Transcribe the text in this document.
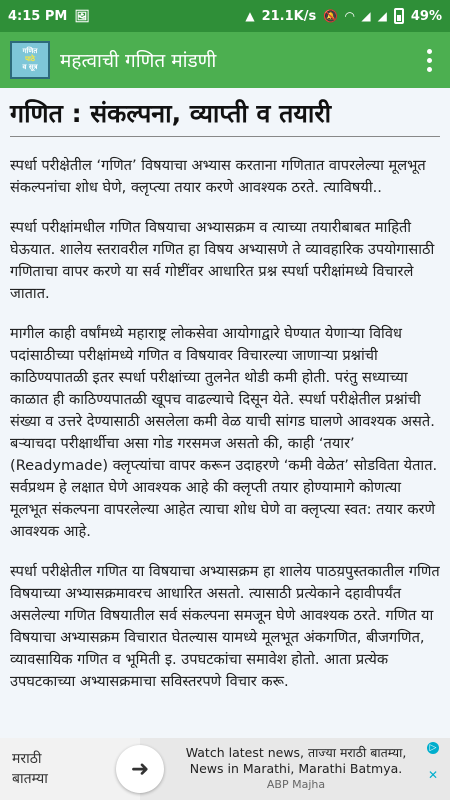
4:15 PM 🖼	▲ 21.1K/s 🔕 ◠ ◢ ◢ 49%
गणित
पाठे
व सूत्र महत्वाची गणित मांडणी
गणित : संकल्पना, व्याप्ती व तयारी

स्पर्धा परीक्षेतील ‘गणित’ विषयाचा अभ्यास करताना गणितात वापरलेल्या मूलभूत संकल्पनांचा शोध घेणे, क्लृप्त्या तयार करणे आवश्यक ठरते. त्याविषयी..

स्पर्धा परीक्षांमधील गणित विषयाचा अभ्यासक्रम व त्याच्या तयारीबाबत माहिती घेऊयात. शालेय स्तरावरील गणित हा विषय अभ्यासणे ते व्यावहारिक उपयोगासाठी गणिताचा वापर करणे या सर्व गोष्टींवर आधारित प्रश्न स्पर्धा परीक्षांमध्ये विचारले जातात.

मागील काही वर्षांमध्ये महाराष्ट्र लोकसेवा आयोगाद्वारे घेण्यात येणाऱ्या विविध पदांसाठीच्या परीक्षांमध्ये गणित व विषयावर विचारल्या जाणाऱ्या प्रश्नांची काठिण्यपातळी इतर स्पर्धा परीक्षांच्या तुलनेत थोडी कमी होती. परंतु सध्याच्या काळात ही काठिण्यपातळी खूपच वाढल्याचे दिसून येते. स्पर्धा परीक्षेतील प्रश्नांची संख्या व उत्तरे देण्यासाठी असलेला कमी वेळ याची सांगड घालणे आवश्यक असते. बऱ्याचदा परीक्षार्थीचा असा गोड गरसमज असतो की, काही ‘तयार’ (Readymade) क्लृप्त्यांचा वापर करून उदाहरणे ‘कमी वेळेत’ सोडविता येतात. सर्वप्रथम हे लक्षात घेणे आवश्यक आहे की क्लृप्ती तयार होण्यामागे कोणत्या मूलभूत संकल्पना वापरलेल्या आहेत त्याचा शोध घेणे वा क्लृप्त्या स्वत: तयार करणे आवश्यक आहे.

स्पर्धा परीक्षेतील गणित या विषयाचा अभ्यासक्रम हा शालेय पाठय़पुस्तकातील गणित विषयाच्या अभ्यासक्रमावरच आधारित असतो. त्यासाठी प्रत्येकाने दहावीपर्यंत असलेल्या गणित विषयातील सर्व संकल्पना समजून घेणे आवश्यक ठरते. गणित या विषयाचा अभ्यासक्रम विचारात घेतल्यास यामध्ये मूलभूत अंकगणित, बीजगणित, व्यावसायिक गणित व भूमिती इ. उपघटकांचा समावेश होतो. आता प्रत्येक उपघटकाच्या अभ्यासक्रमाचा सविस्तरपणे विचार करू.

मराठी
बातम्या	➜
Watch latest news, ताज्या मराठी बातम्या, News in Marathi, Marathi Batmya.
ABP Majha
▷
✕
